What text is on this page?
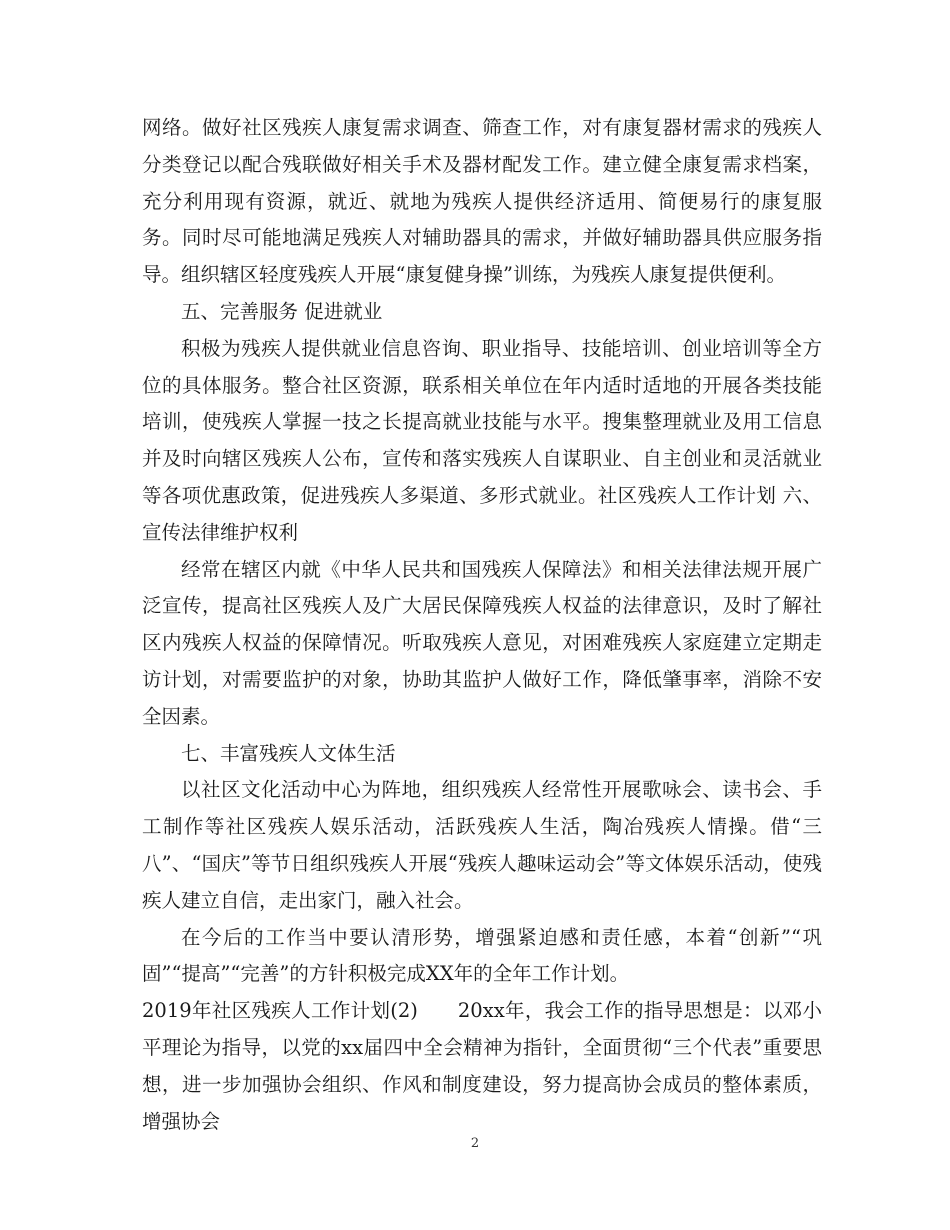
网络。做好社区残疾人康复需求调查、筛查工作，对有康复器材需求的残疾人分类登记以配合残联做好相关手术及器材配发工作。建立健全康复需求档案，充分利用现有资源，就近、就地为残疾人提供经济适用、简便易行的康复服务。同时尽可能地满足残疾人对辅助器具的需求，并做好辅助器具供应服务指导。组织辖区轻度残疾人开展“康复健身操”训练，为残疾人康复提供便利。

五、完善服务 促进就业

积极为残疾人提供就业信息咨询、职业指导、技能培训、创业培训等全方位的具体服务。整合社区资源，联系相关单位在年内适时适地的开展各类技能培训，使残疾人掌握一技之长提高就业技能与水平。搜集整理就业及用工信息并及时向辖区残疾人公布，宣传和落实残疾人自谋职业、自主创业和灵活就业等各项优惠政策，促进残疾人多渠道、多形式就业。社区残疾人工作计划 六、宣传法律维护权利

经常在辖区内就《中华人民共和国残疾人保障法》和相关法律法规开展广泛宣传，提高社区残疾人及广大居民保障残疾人权益的法律意识，及时了解社区内残疾人权益的保障情况。听取残疾人意见，对困难残疾人家庭建立定期走访计划，对需要监护的对象，协助其监护人做好工作，降低肇事率，消除不安全因素。

七、丰富残疾人文体生活

以社区文化活动中心为阵地，组织残疾人经常性开展歌咏会、读书会、手工制作等社区残疾人娱乐活动，活跃残疾人生活，陶冶残疾人情操。借“三八”、“国庆”等节日组织残疾人开展“残疾人趣味运动会”等文体娱乐活动，使残疾人建立自信，走出家门，融入社会。

在今后的工作当中要认清形势，增强紧迫感和责任感，本着“创新”“巩固”“提高”“完善”的方针积极完成XX年的全年工作计划。

2019年社区残疾人工作计划(2)　　20xx年，我会工作的指导思想是：以邓小平理论为指导，以党的xx届四中全会精神为指针，全面贯彻“三个代表”重要思想，进一步加强协会组织、作风和制度建设，努力提高协会成员的整体素质，增强协会

2
